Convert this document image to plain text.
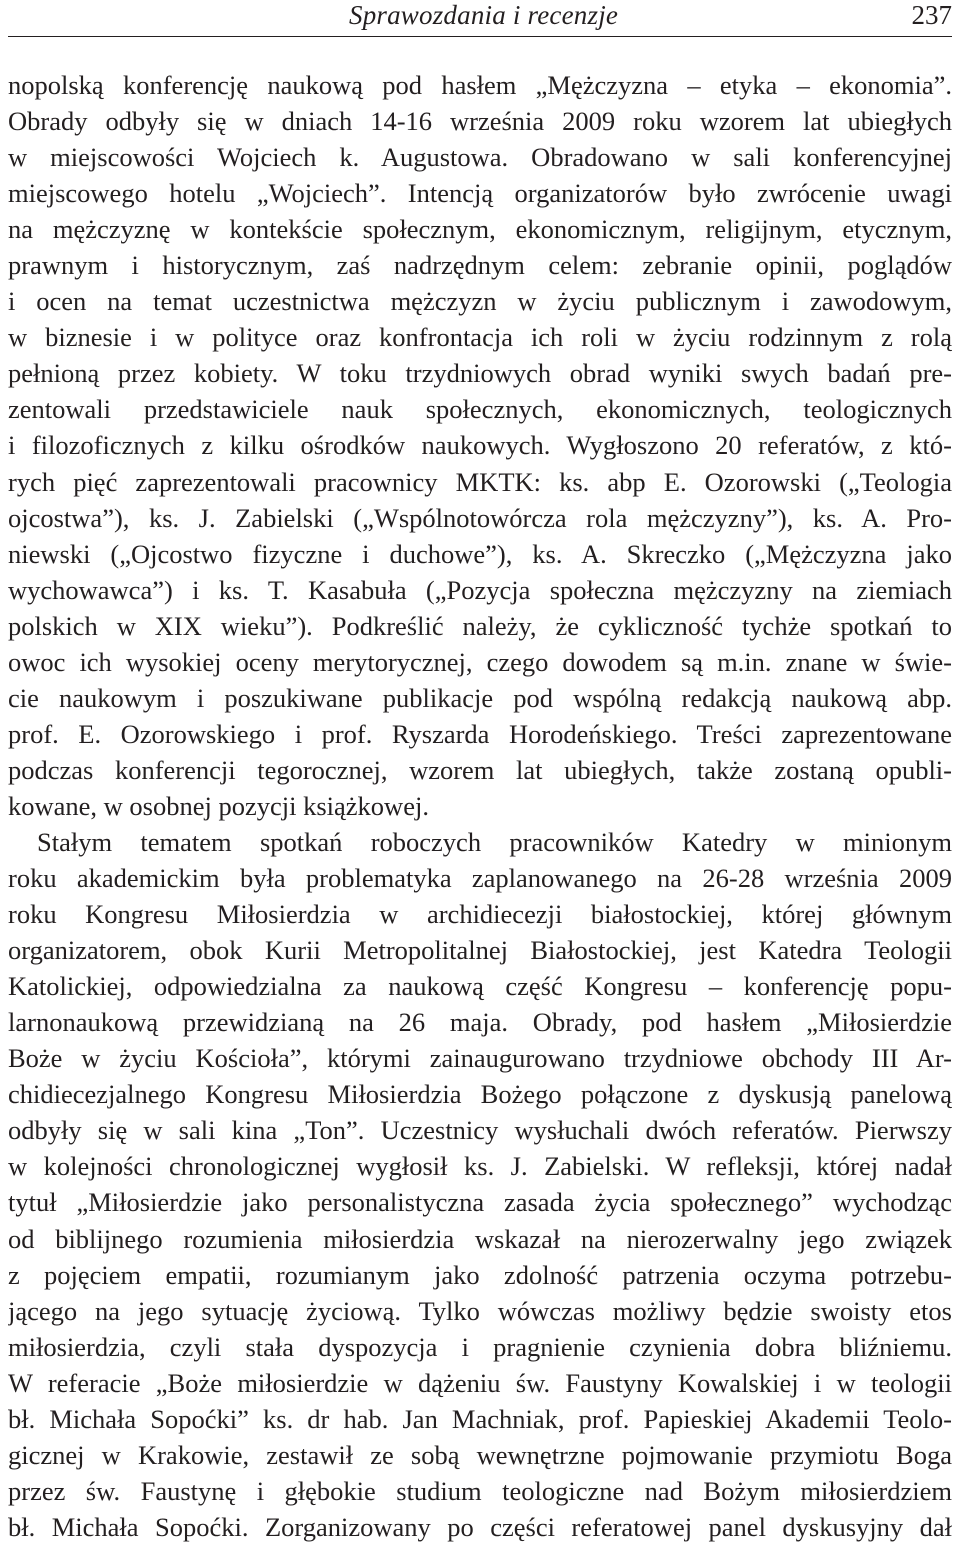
Sprawozdania i recenzje	237
nopolską konferencję naukową pod hasłem „Mężczyzna – etyka – ekonomia”.
Obrady odbyły się w dniach 14-16 września 2009 roku wzorem lat ubiegłych
w miejscowości Wojciech k. Augustowa. Obradowano w sali konferencyjnej
miejscowego hotelu „Wojciech”. Intencją organizatorów było zwrócenie uwagi
na mężczyznę w kontekście społecznym, ekonomicznym, religijnym, etycznym,
prawnym i historycznym, zaś nadrzędnym celem: zebranie opinii, poglądów
i ocen na temat uczestnictwa mężczyzn w życiu publicznym i zawodowym,
w biznesie i w polityce oraz konfrontacja ich roli w życiu rodzinnym z rolą
pełnioną przez kobiety. W toku trzydniowych obrad wyniki swych badań pre-
zentowali przedstawiciele nauk społecznych, ekonomicznych, teologicznych
i filozoficznych z kilku ośrodków naukowych. Wygłoszono 20 referatów, z któ-
rych pięć zaprezentowali pracownicy MKTK: ks. abp E. Ozorowski („Teologia
ojcostwa”), ks. J. Zabielski („Wspólnotowórcza rola mężczyzny”), ks. A. Pro-
niewski („Ojcostwo fizyczne i duchowe”), ks. A. Skreczko („Mężczyzna jako
wychowawca”) i ks. T. Kasabuła („Pozycja społeczna mężczyzny na ziemiach
polskich w XIX wieku”). Podkreślić należy, że cykliczność tychże spotkań to
owoc ich wysokiej oceny merytorycznej, czego dowodem są m.in. znane w świe-
cie naukowym i poszukiwane publikacje pod wspólną redakcją naukową abp.
prof. E. Ozorowskiego i prof. Ryszarda Horodeńskiego. Treści zaprezentowane
podczas konferencji tegorocznej, wzorem lat ubiegłych, także zostaną opubli-
kowane, w osobnej pozycji książkowej.
Stałym tematem spotkań roboczych pracowników Katedry w minionym
roku akademickim była problematyka zaplanowanego na 26-28 września 2009
roku Kongresu Miłosierdzia w archidiecezji białostockiej, której głównym
organizatorem, obok Kurii Metropolitalnej Białostockiej, jest Katedra Teologii
Katolickiej, odpowiedzialna za naukową część Kongresu – konferencję popu-
larnonaukową przewidzianą na 26 maja. Obrady, pod hasłem „Miłosierdzie
Boże w życiu Kościoła”, którymi zainaugurowano trzydniowe obchody III Ar-
chidiecezjalnego Kongresu Miłosierdzia Bożego połączone z dyskusją panelową
odbyły się w sali kina „Ton”. Uczestnicy wysłuchali dwóch referatów. Pierwszy
w kolejności chronologicznej wygłosił ks. J. Zabielski. W refleksji, której nadał
tytuł „Miłosierdzie jako personalistyczna zasada życia społecznego” wychodząc
od biblijnego rozumienia miłosierdzia wskazał na nierozerwalny jego związek
z pojęciem empatii, rozumianym jako zdolność patrzenia oczyma potrzebu-
jącego na jego sytuację życiową. Tylko wówczas możliwy będzie swoisty etos
miłosierdzia, czyli stała dyspozycja i pragnienie czynienia dobra bliźniemu.
W referacie „Boże miłosierdzie w dążeniu św. Faustyny Kowalskiej i w teologii
bł. Michała Sopoćki” ks. dr hab. Jan Machniak, prof. Papieskiej Akademii Teolo-
gicznej w Krakowie, zestawił ze sobą wewnętrzne pojmowanie przymiotu Boga
przez św. Faustynę i głębokie studium teologiczne nad Bożym miłosierdziem
bł. Michała Sopoćki. Zorganizowany po części referatowej panel dyskusyjny dał
